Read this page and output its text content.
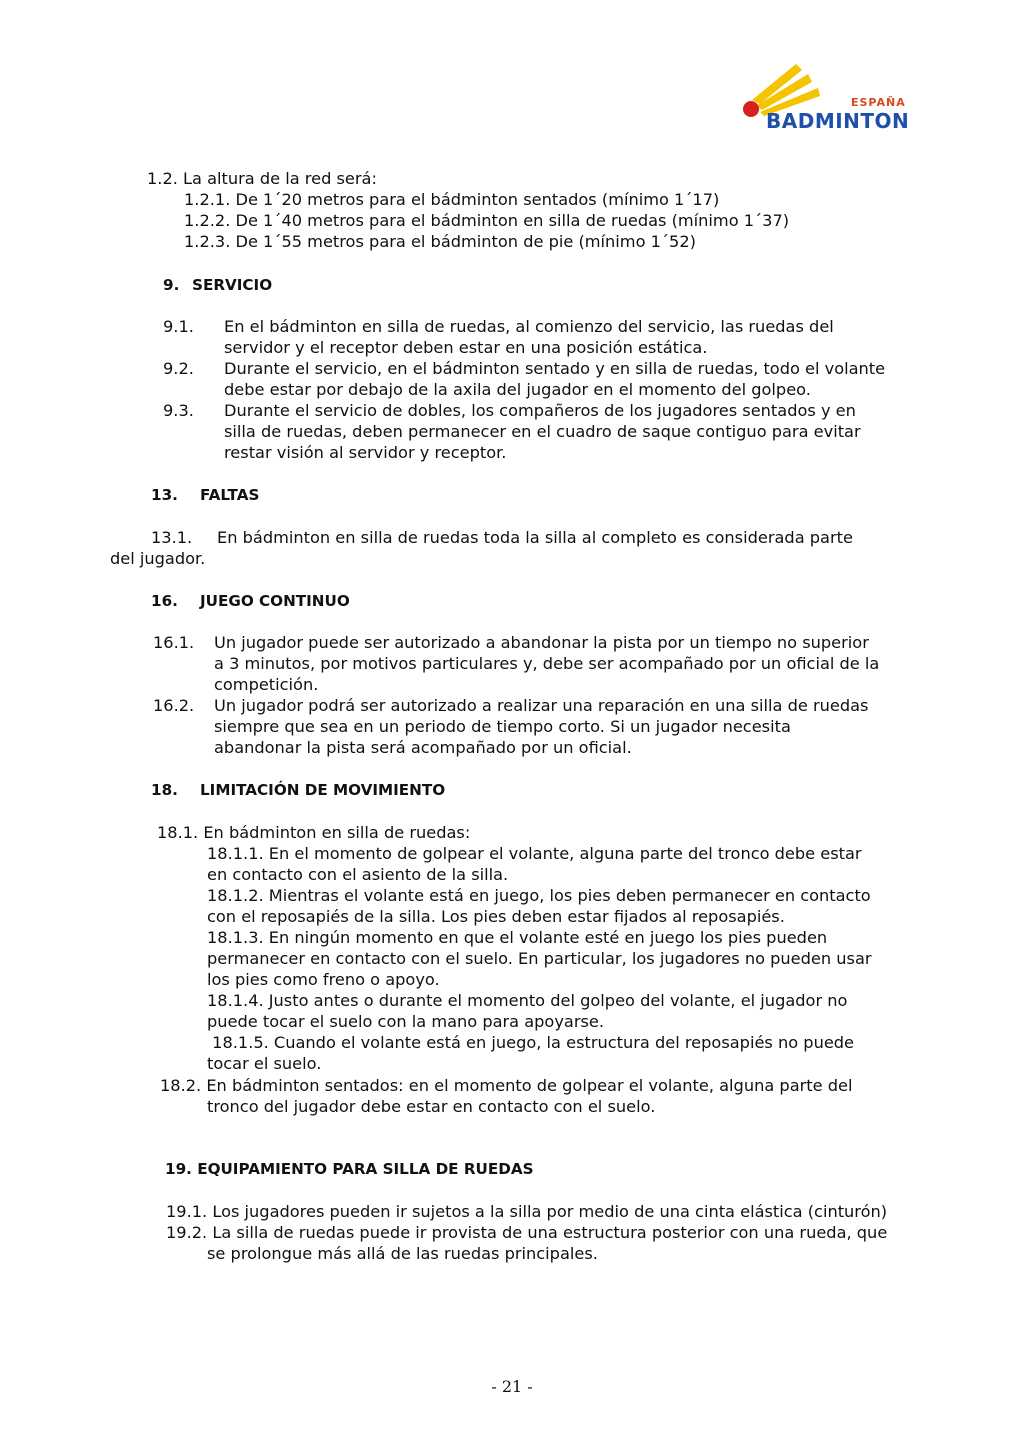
ESPAÑA
BADMINTON
1.2. La altura de la red será:
1.2.1. De 1´20 metros para el bádminton sentados (mínimo 1´17)
1.2.2. De 1´40 metros para el bádminton en silla de ruedas (mínimo 1´37)
1.2.3. De 1´55 metros para el bádminton de pie (mínimo 1´52)
9. SERVICIO
9.1. En el bádminton en silla de ruedas, al comienzo del servicio, las ruedas del
servidor y el receptor deben estar en una posición estática.
9.2. Durante el servicio, en el bádminton sentado y en silla de ruedas, todo el volante
debe estar por debajo de la axila del jugador en el momento del golpeo.
9.3. Durante el servicio de dobles, los compañeros de los jugadores sentados y en
silla de ruedas, deben permanecer en el cuadro de saque contiguo para evitar
restar visión al servidor y receptor.
13. FALTAS
13.1. En bádminton en silla de ruedas toda la silla al completo es considerada parte
del jugador.
16. JUEGO CONTINUO
16.1. Un jugador puede ser autorizado a abandonar la pista por un tiempo no superior
a 3 minutos, por motivos particulares y, debe ser acompañado por un oficial de la
competición.
16.2. Un jugador podrá ser autorizado a realizar una reparación en una silla de ruedas
siempre que sea en un periodo de tiempo corto. Si un jugador necesita
abandonar la pista será acompañado por un oficial.
18. LIMITACIÓN DE MOVIMIENTO
18.1. En bádminton en silla de ruedas:
18.1.1. En el momento de golpear el volante, alguna parte del tronco debe estar
en contacto con el asiento de la silla.
18.1.2. Mientras el volante está en juego, los pies deben permanecer en contacto
con el reposapiés de la silla. Los pies deben estar fijados al reposapiés.
18.1.3. En ningún momento en que el volante esté en juego los pies pueden
permanecer en contacto con el suelo. En particular, los jugadores no pueden usar
los pies como freno o apoyo.
18.1.4. Justo antes o durante el momento del golpeo del volante, el jugador no
puede tocar el suelo con la mano para apoyarse.
18.1.5. Cuando el volante está en juego, la estructura del reposapiés no puede
tocar el suelo.
18.2. En bádminton sentados: en el momento de golpear el volante, alguna parte del
tronco del jugador debe estar en contacto con el suelo.
19. EQUIPAMIENTO PARA SILLA DE RUEDAS
19.1. Los jugadores pueden ir sujetos a la silla por medio de una cinta elástica (cinturón)
19.2. La silla de ruedas puede ir provista de una estructura posterior con una rueda, que
se prolongue más allá de las ruedas principales.
- 21 -
